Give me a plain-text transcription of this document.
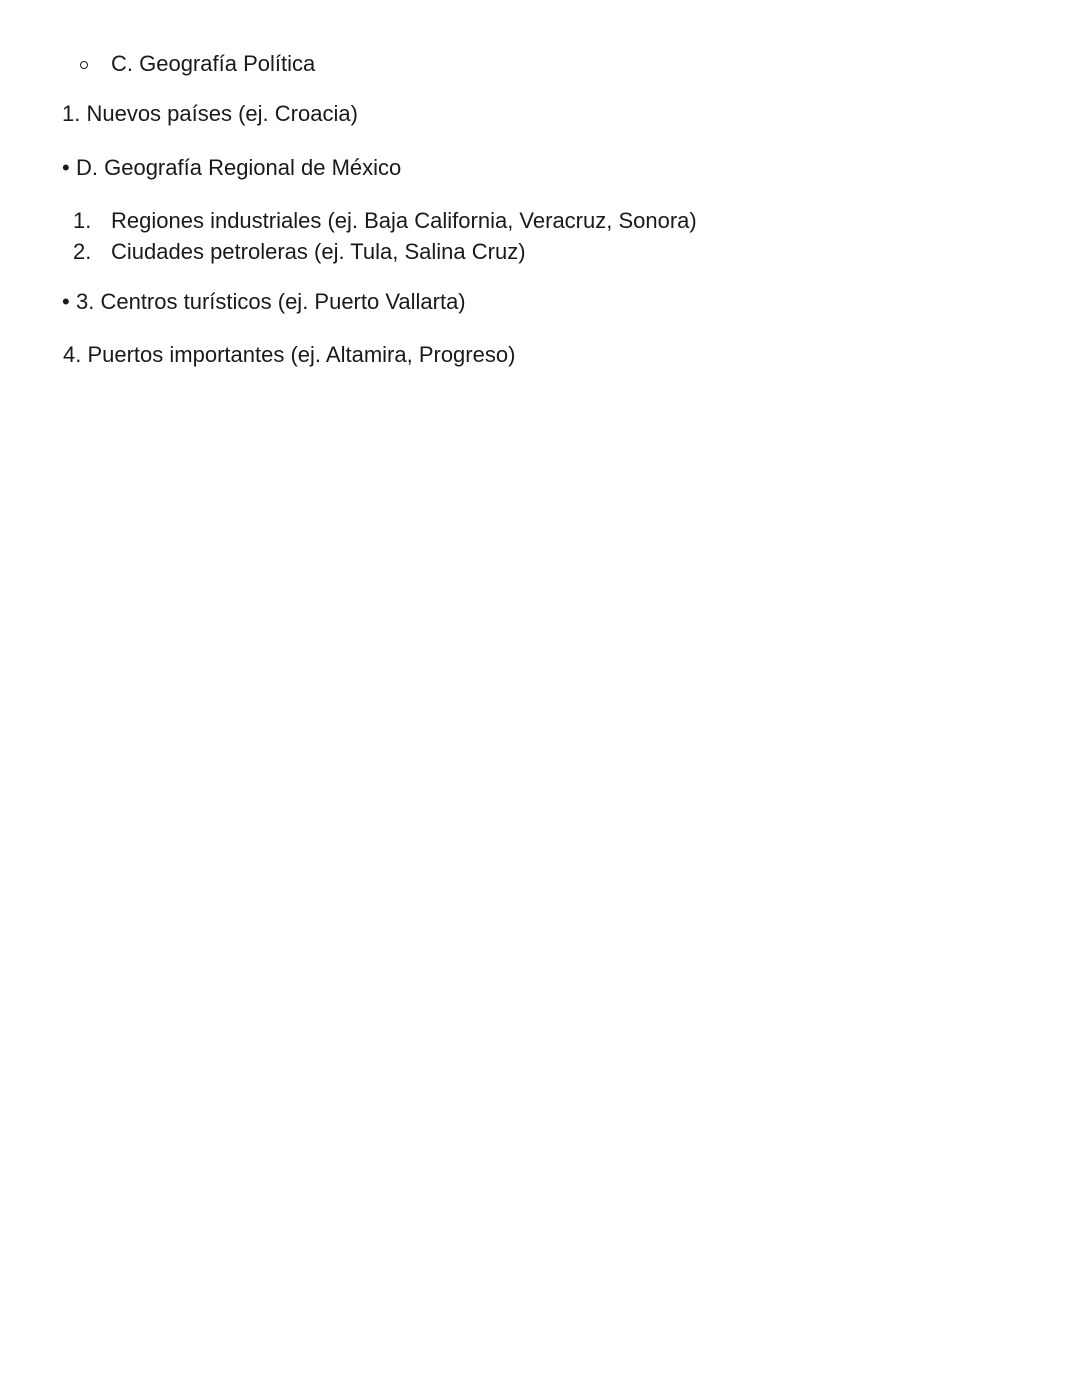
C. Geografía Política
1. Nuevos países (ej. Croacia)
• D. Geografía Regional de México
1. Regiones industriales (ej. Baja California, Veracruz, Sonora)
2. Ciudades petroleras (ej. Tula, Salina Cruz)
• 3. Centros turísticos (ej. Puerto Vallarta)
4. Puertos importantes (ej. Altamira, Progreso)
